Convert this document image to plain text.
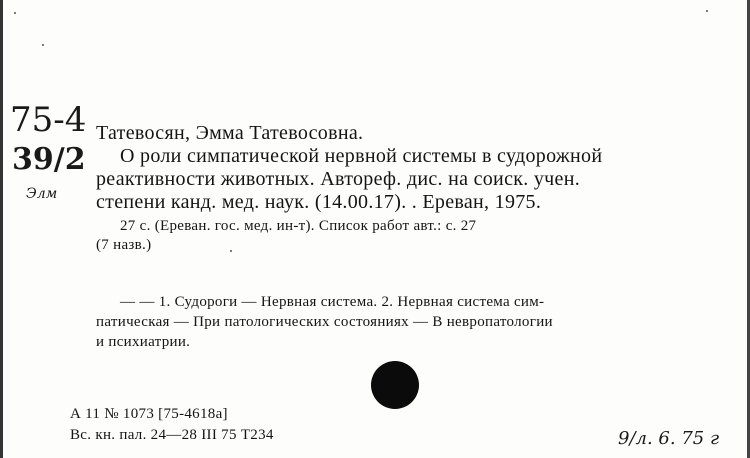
75-4
39/2
Элм
Татевосян, Эмма Татевосовна.
О роли симпатической нервной системы в судорожной
реактивности животных. Автореф. дис. на соиск. учен.
степени канд. мед. наук. (14.00.17). . Ереван, 1975.
27 с. (Ереван. гос. мед. ин-т). Список работ авт.: с. 27
(7 назв.)
— — 1. Судороги — Нервная система. 2. Нервная система сим-
патическая — При патологических состояниях — В невропатологии
и психиатрии.
А 11 № 1073 [75-4618а]
Вс. кн. пал. 24—28 III 75 Т234	9/л. 6. 75 г
